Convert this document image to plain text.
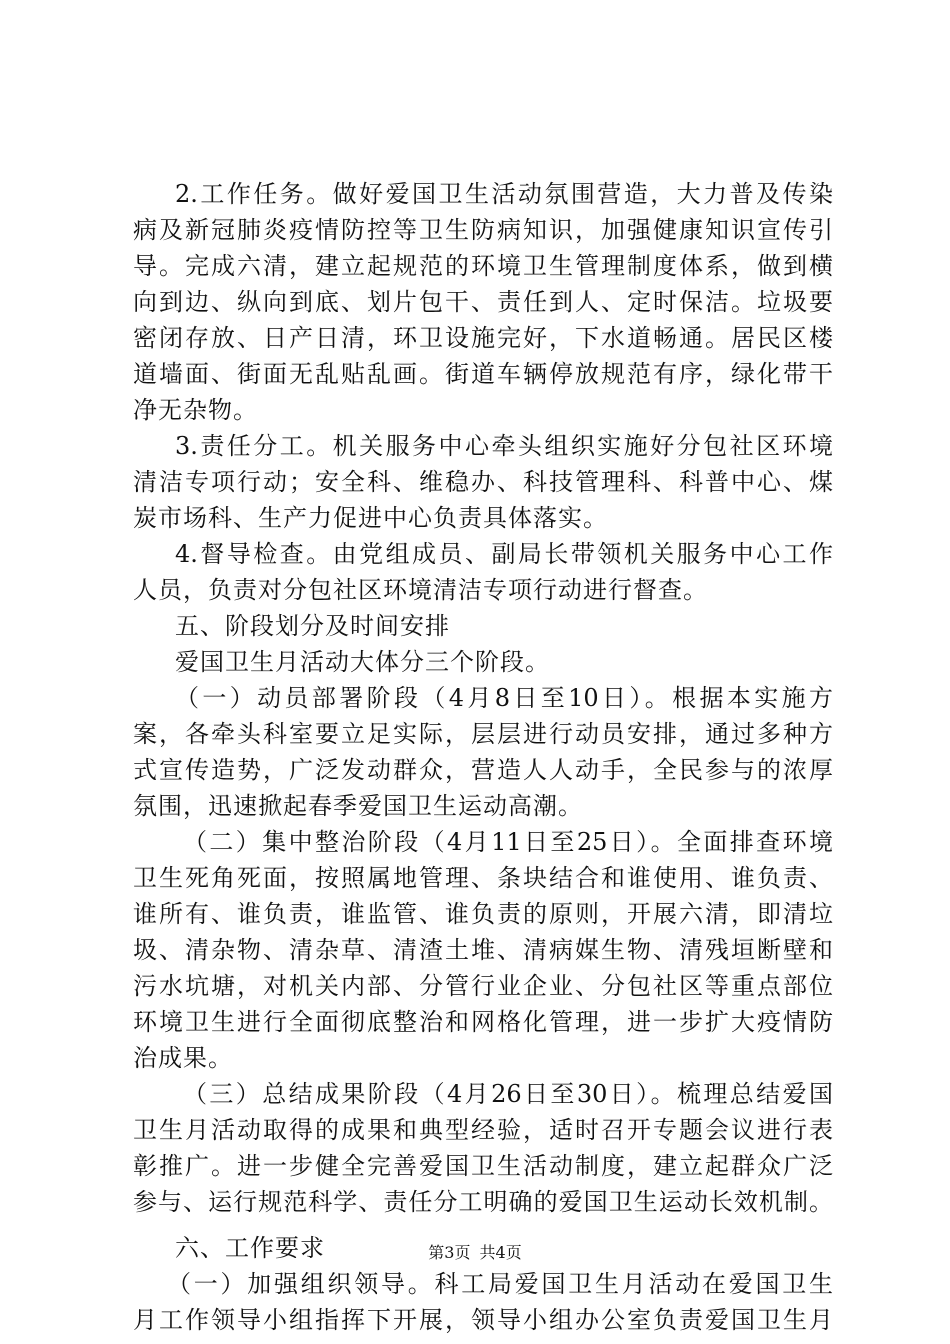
2.工作任务。做好爱国卫生活动氛围营造，大力普及传染
病及新冠肺炎疫情防控等卫生防病知识，加强健康知识宣传引
导。完成六清，建立起规范的环境卫生管理制度体系，做到横
向到边、纵向到底、划片包干、责任到人、定时保洁。垃圾要
密闭存放、日产日清，环卫设施完好，下水道畅通。居民区楼
道墙面、街面无乱贴乱画。街道车辆停放规范有序，绿化带干
净无杂物。
3.责任分工。机关服务中心牵头组织实施好分包社区环境
清洁专项行动；安全科、维稳办、科技管理科、科普中心、煤
炭市场科、生产力促进中心负责具体落实。
4.督导检查。由党组成员、副局长带领机关服务中心工作
人员，负责对分包社区环境清洁专项行动进行督查。
五、阶段划分及时间安排
爱国卫生月活动大体分三个阶段。
（一）动员部署阶段（4月8日至10日）。根据本实施方
案，各牵头科室要立足实际，层层进行动员安排，通过多种方
式宣传造势，广泛发动群众，营造人人动手，全民参与的浓厚
氛围，迅速掀起春季爱国卫生运动高潮。
（二）集中整治阶段（4月11日至25日）。全面排查环境
卫生死角死面，按照属地管理、条块结合和谁使用、谁负责、
谁所有、谁负责，谁监管、谁负责的原则，开展六清，即清垃
圾、清杂物、清杂草、清渣土堆、清病媒生物、清残垣断壁和
污水坑塘，对机关内部、分管行业企业、分包社区等重点部位
环境卫生进行全面彻底整治和网格化管理，进一步扩大疫情防
治成果。
（三）总结成果阶段（4月26日至30日）。梳理总结爱国
卫生月活动取得的成果和典型经验，适时召开专题会议进行表
彰推广。进一步健全完善爱国卫生活动制度，建立起群众广泛
参与、运行规范科学、责任分工明确的爱国卫生运动长效机制。
六、工作要求
（一）加强组织领导。科工局爱国卫生月活动在爱国卫生
月工作领导小组指挥下开展，领导小组办公室负责爱国卫生月
第3页 共4页
